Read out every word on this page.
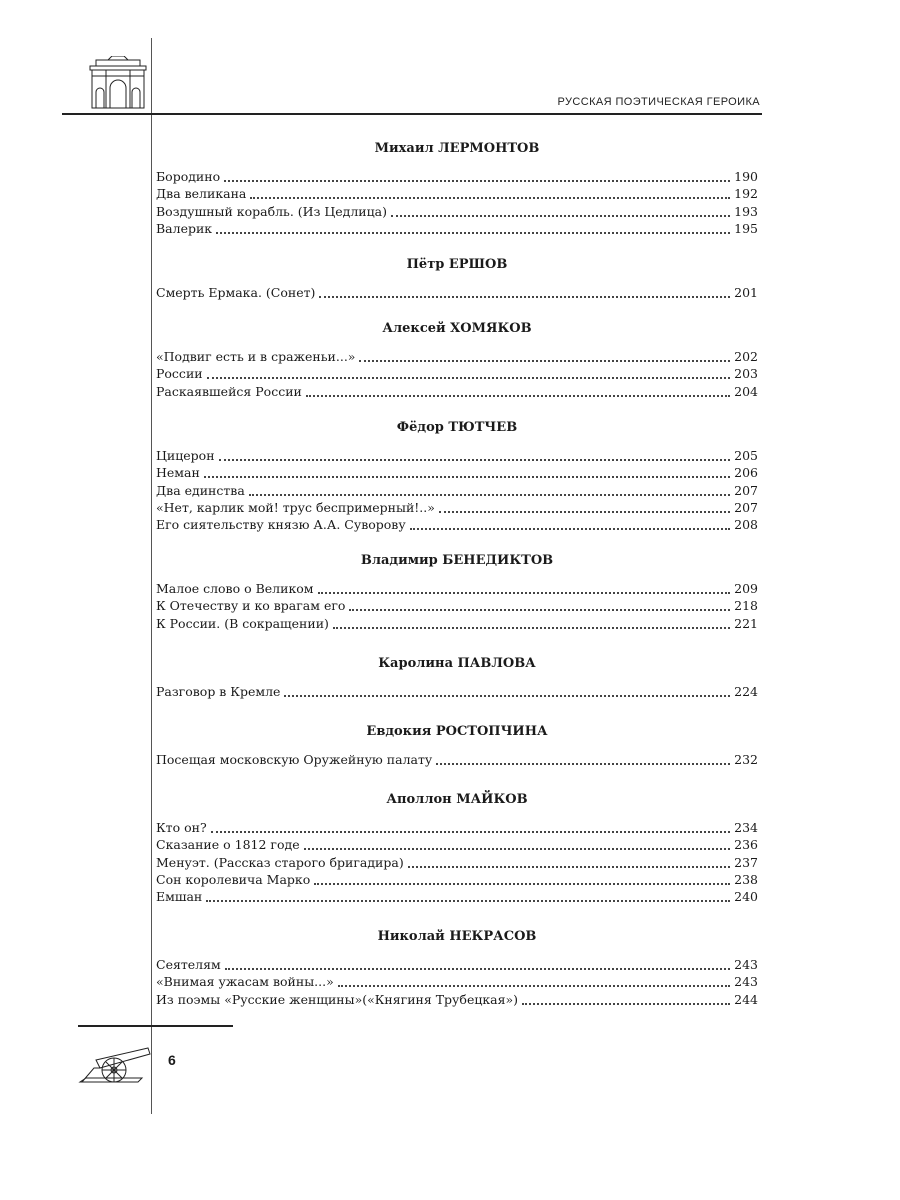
РУССКАЯ ПОЭТИЧЕСКАЯ ГЕРОИКА
Михаил ЛЕРМОНТОВ
Бородино	190
Два великана	192
Воздушный корабль. (Из Цедлица)	193
Валерик	195
Пётр ЕРШОВ
Смерть Ермака. (Сонет)	201
Алексей ХОМЯКОВ
«Подвиг есть и в сраженьи...»	202
России	203
Раскаявшейся России	204
Фёдор ТЮТЧЕВ
Цицерон	205
Неман	206
Два единства	207
«Нет, карлик мой! трус беспримерный!..»	207
Его сиятельству князю А.А. Суворову	208
Владимир БЕНЕДИКТОВ
Малое слово о Великом	209
К Отечеству и ко врагам его	218
К России. (В сокращении)	221
Каролина ПАВЛОВА
Разговор в Кремле	224
Евдокия РОСТОПЧИНА
Посещая московскую Оружейную палату	232
Аполлон МАЙКОВ
Кто он?	234
Сказание о 1812 годе	236
Менуэт. (Рассказ старого бригадира)	237
Сон королевича Марко	238
Емшан	240
Николай НЕКРАСОВ
Сеятелям	243
«Внимая ужасам войны...»	243
Из поэмы «Русские женщины»(«Княгиня Трубецкая»)	244
6
